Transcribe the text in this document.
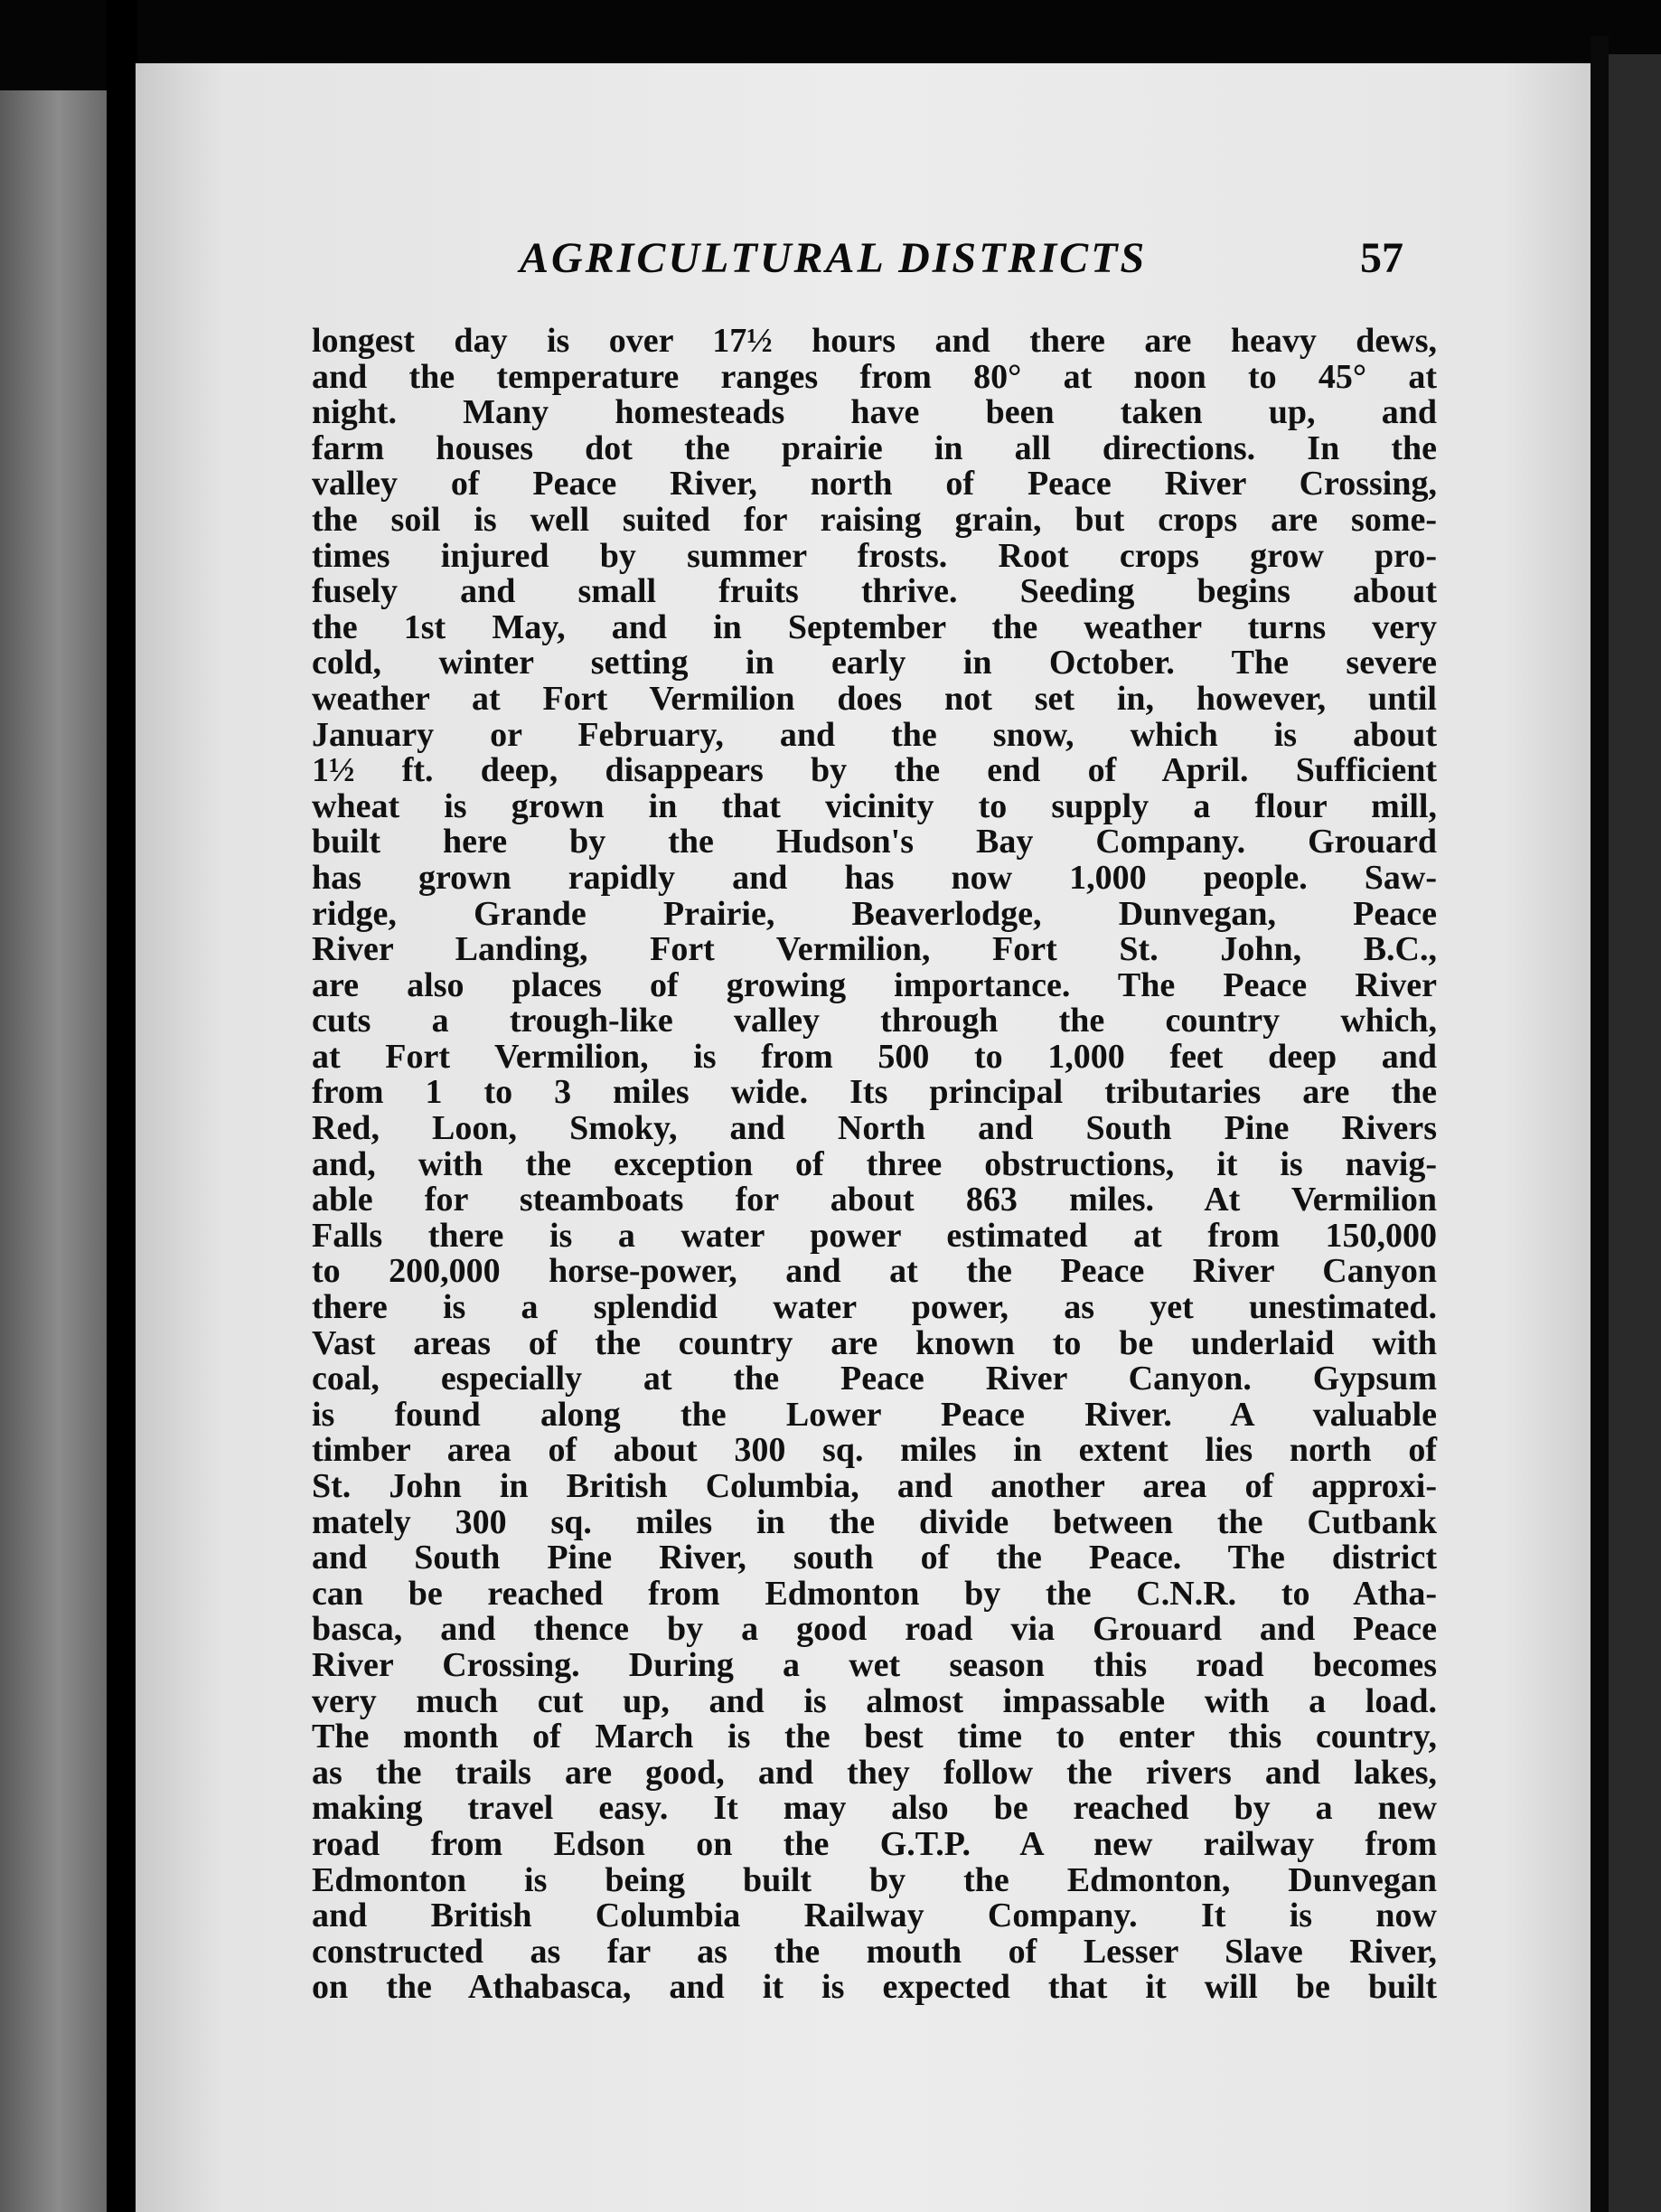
AGRICULTURAL DISTRICTS	57
longest day is over 17½ hours and there are heavy dews,
and the temperature ranges from 80° at noon to 45° at
night. Many homesteads have been taken up, and
farm houses dot the prairie in all directions. In the
valley of Peace River, north of Peace River Crossing,
the soil is well suited for raising grain, but crops are some-
times injured by summer frosts. Root crops grow pro-
fusely and small fruits thrive. Seeding begins about
the 1st May, and in September the weather turns very
cold, winter setting in early in October. The severe
weather at Fort Vermilion does not set in, however, until
January or February, and the snow, which is about
1½ ft. deep, disappears by the end of April. Sufficient
wheat is grown in that vicinity to supply a flour mill,
built here by the Hudson's Bay Company. Grouard
has grown rapidly and has now 1,000 people. Saw-
ridge, Grande Prairie, Beaverlodge, Dunvegan, Peace
River Landing, Fort Vermilion, Fort St. John, B.C.,
are also places of growing importance. The Peace River
cuts a trough-like valley through the country which,
at Fort Vermilion, is from 500 to 1,000 feet deep and
from 1 to 3 miles wide. Its principal tributaries are the
Red, Loon, Smoky, and North and South Pine Rivers
and, with the exception of three obstructions, it is navig-
able for steamboats for about 863 miles. At Vermilion
Falls there is a water power estimated at from 150,000
to 200,000 horse-power, and at the Peace River Canyon
there is a splendid water power, as yet unestimated.
Vast areas of the country are known to be underlaid with
coal, especially at the Peace River Canyon. Gypsum
is found along the Lower Peace River. A valuable
timber area of about 300 sq. miles in extent lies north of
St. John in British Columbia, and another area of approxi-
mately 300 sq. miles in the divide between the Cutbank
and South Pine River, south of the Peace. The district
can be reached from Edmonton by the C.N.R. to Atha-
basca, and thence by a good road via Grouard and Peace
River Crossing. During a wet season this road becomes
very much cut up, and is almost impassable with a load.
The month of March is the best time to enter this country,
as the trails are good, and they follow the rivers and lakes,
making travel easy. It may also be reached by a new
road from Edson on the G.T.P. A new railway from
Edmonton is being built by the Edmonton, Dunvegan
and British Columbia Railway Company. It is now
constructed as far as the mouth of Lesser Slave River,
on the Athabasca, and it is expected that it will be built
